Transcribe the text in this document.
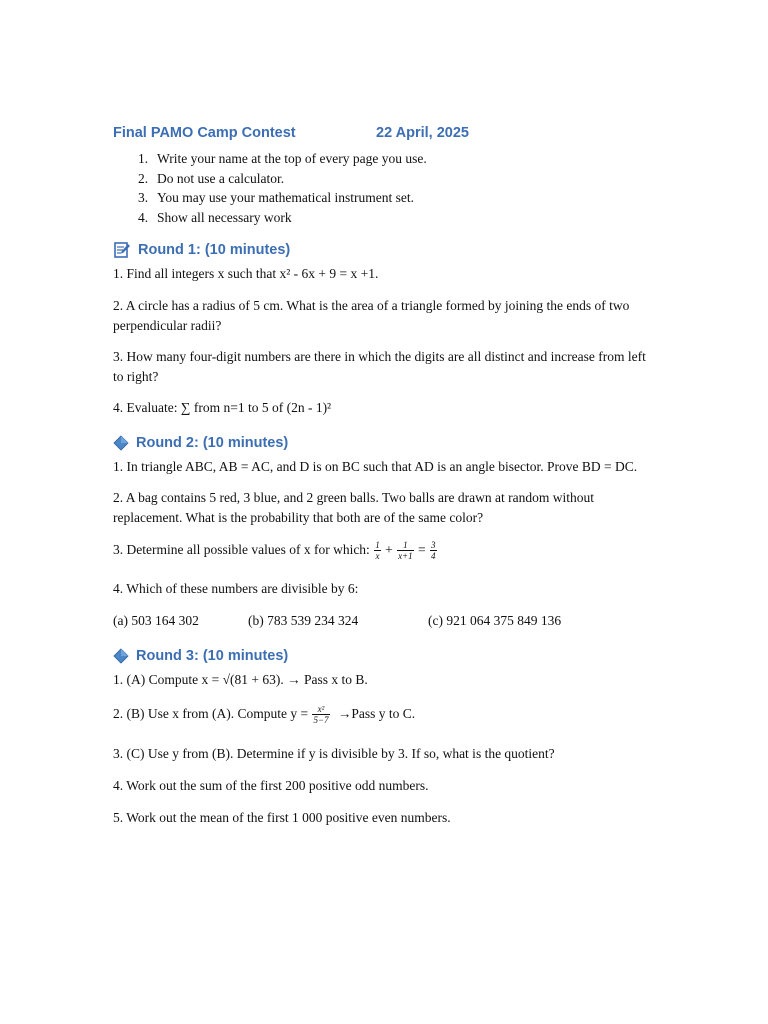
Final PAMO Camp Contest	22 April, 2025
1. Write your name at the top of every page you use.
2. Do not use a calculator.
3. You may use your mathematical instrument set.
4. Show all necessary work
Round 1: (10 minutes)
1. Find all integers x such that x² - 6x + 9 = x +1.
2. A circle has a radius of 5 cm. What is the area of a triangle formed by joining the ends of two perpendicular radii?
3. How many four-digit numbers are there in which the digits are all distinct and increase from left to right?
4. Evaluate: ∑ from n=1 to 5 of (2n - 1)²
Round 2: (10 minutes)
1. In triangle ABC, AB = AC, and D is on BC such that AD is an angle bisector. Prove BD = DC.
2. A bag contains 5 red, 3 blue, and 2 green balls. Two balls are drawn at random without replacement. What is the probability that both are of the same color?
3. Determine all possible values of x for which: $\frac{1}{x} + \frac{1}{x+1} = \frac{3}{4}$
4. Which of these numbers are divisible by 6:
(a) 503 164 302	(b) 783 539 234 324	(c) 921 064 375 849 136
Round 3: (10 minutes)
1. (A) Compute x = √(81 + 63). → Pass x to B.
2. (B) Use x from (A). Compute $y = \frac{\text{x²}}{5-7}$ →Pass y to C.
3. (C) Use y from (B). Determine if y is divisible by 3. If so, what is the quotient?
4. Work out the sum of the first 200 positive odd numbers.
5. Work out the mean of the first 1 000 positive even numbers.
